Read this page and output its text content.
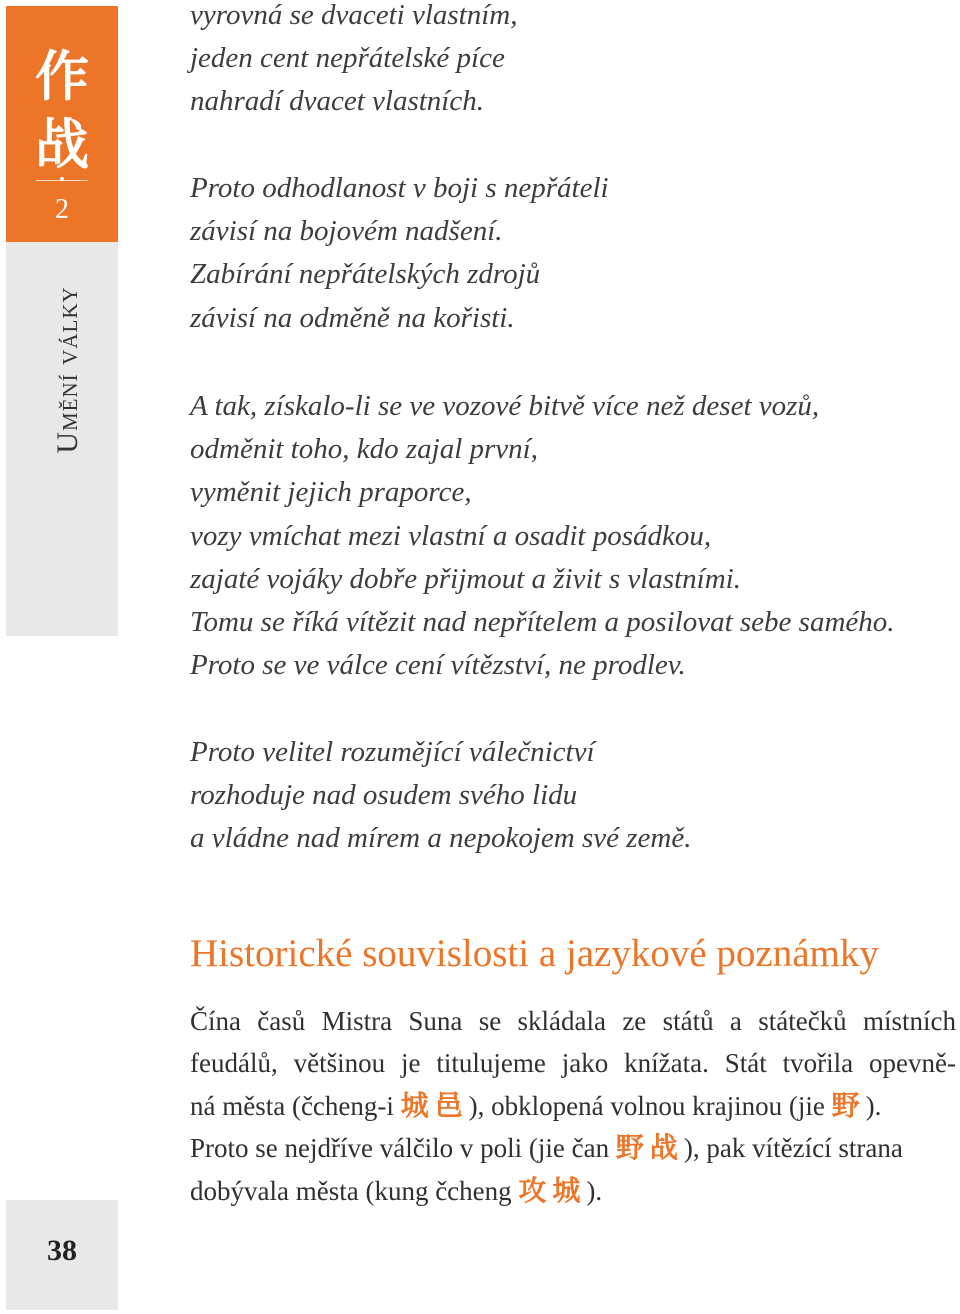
作
战
2
Umění války
38
vyrovná se dvaceti vlastním,
jeden cent nepřátelské píce
nahradí dvacet vlastních.
Proto odhodlanost v boji s nepřáteli
závisí na bojovém nadšení.
Zabírání nepřátelských zdrojů
závisí na odměně na kořisti.
A tak, získalo-li se ve vozové bitvě více než deset vozů,
odměnit toho, kdo zajal první,
vyměnit jejich praporce,
vozy vmíchat mezi vlastní a osadit posádkou,
zajaté vojáky dobře přijmout a živit s vlastními.
Tomu se říká vítězit nad nepřítelem a posilovat sebe samého.
Proto se ve válce cení vítězství, ne prodlev.
Proto velitel rozumějící válečnictví
rozhoduje nad osudem svého lidu
a vládne nad mírem a nepokojem své země.
Historické souvislosti a jazykové poznámky
Čína časů Mistra Suna se skládala ze států a státečků místních
feudálů, většinou je titulujeme jako knížata. Stát tvořila opevně-
ná města (čcheng-i 城邑), obklopená volnou krajinou (jie 野).
Proto se nejdříve válčilo v poli (jie čan 野战), pak vítězící strana
dobývala města (kung čcheng 攻城).
